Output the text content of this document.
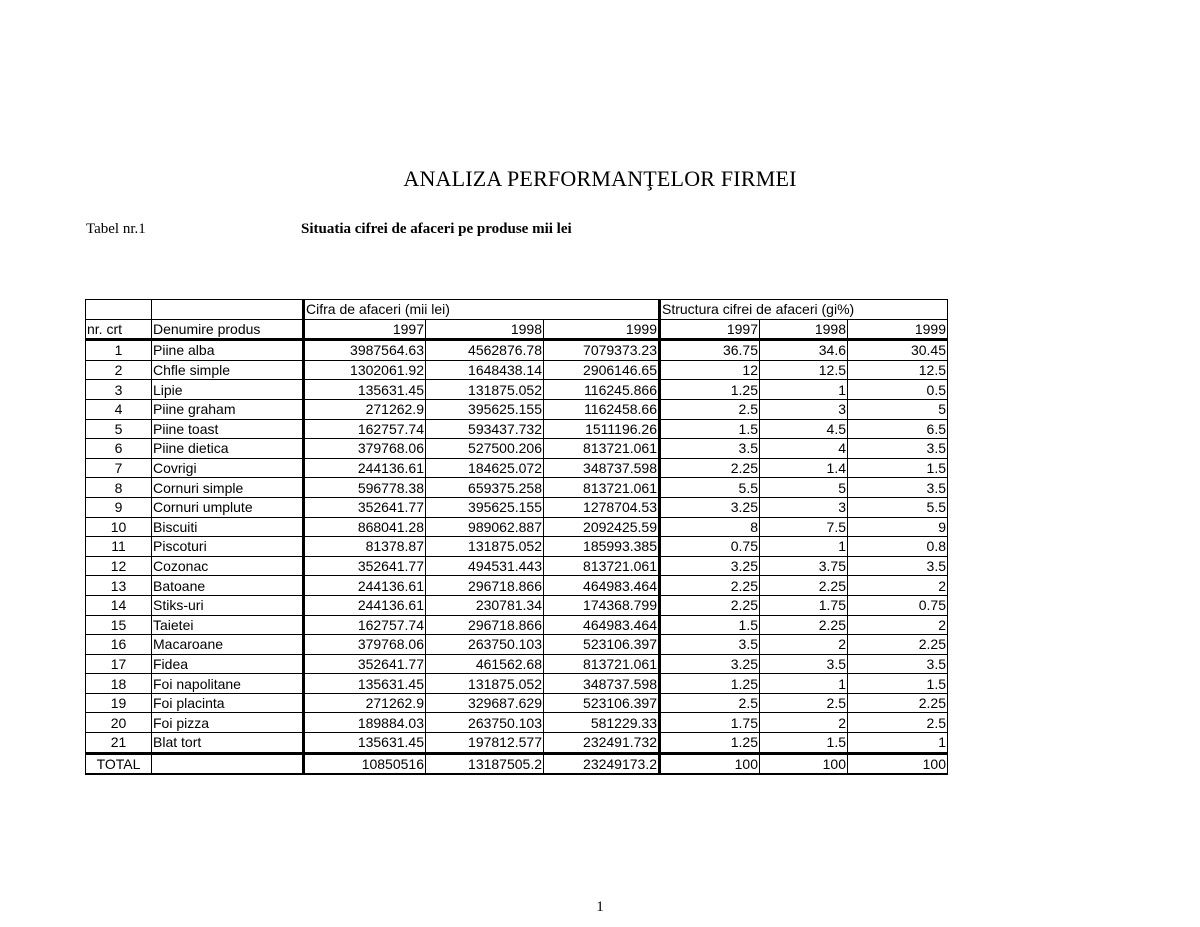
ANALIZA PERFORMANŢELOR FIRMEI
Tabel nr.1	Situatia cifrei de afaceri pe produse mii lei
		Cifra de afaceri (mii lei)			Structura cifrei de afaceri (gi%)		
nr. crt	Denumire produs	1997	1998	1999	1997	1998	1999
1	Piine alba	3987564.63	4562876.78	7079373.23	36.75	34.6	30.45
2	Chfle simple	1302061.92	1648438.14	2906146.65	12	12.5	12.5
3	Lipie	135631.45	131875.052	116245.866	1.25	1	0.5
4	Piine graham	271262.9	395625.155	1162458.66	2.5	3	5
5	Piine toast	162757.74	593437.732	1511196.26	1.5	4.5	6.5
6	Piine dietica	379768.06	527500.206	813721.061	3.5	4	3.5
7	Covrigi	244136.61	184625.072	348737.598	2.25	1.4	1.5
8	Cornuri simple	596778.38	659375.258	813721.061	5.5	5	3.5
9	Cornuri umplute	352641.77	395625.155	1278704.53	3.25	3	5.5
10	Biscuiti	868041.28	989062.887	2092425.59	8	7.5	9
11	Piscoturi	81378.87	131875.052	185993.385	0.75	1	0.8
12	Cozonac	352641.77	494531.443	813721.061	3.25	3.75	3.5
13	Batoane	244136.61	296718.866	464983.464	2.25	2.25	2
14	Stiks-uri	244136.61	230781.34	174368.799	2.25	1.75	0.75
15	Taietei	162757.74	296718.866	464983.464	1.5	2.25	2
16	Macaroane	379768.06	263750.103	523106.397	3.5	2	2.25
17	Fidea	352641.77	461562.68	813721.061	3.25	3.5	3.5
18	Foi napolitane	135631.45	131875.052	348737.598	1.25	1	1.5
19	Foi placinta	271262.9	329687.629	523106.397	2.5	2.5	2.25
20	Foi pizza	189884.03	263750.103	581229.33	1.75	2	2.5
21	Blat tort	135631.45	197812.577	232491.732	1.25	1.5	1
TOTAL		10850516	13187505.2	23249173.2	100	100	100
1
